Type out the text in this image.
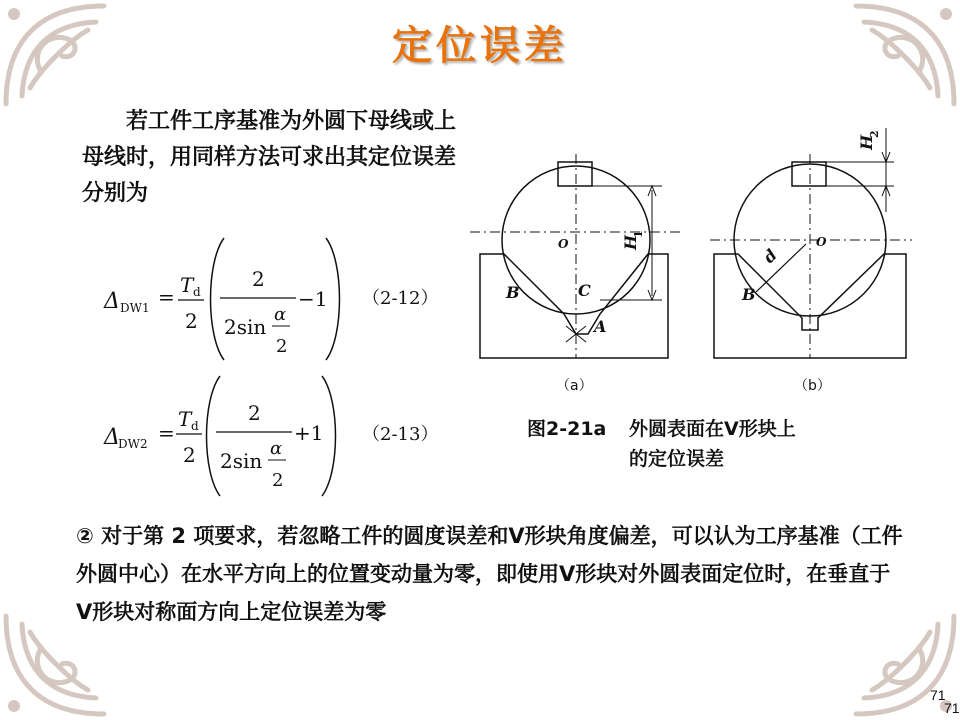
定位误差

若工件工序基准为外圆下母线或上母线时，用同样方法可求出其定位误差分别为

Δ DW1 = T d
2
2
2sin
α
2
−1 （2-12）
Δ
DW2 =
T d
2
2
2sin
α
2
+1 （2-13）
O
B	C
A
H
1
（a）
O
B
d
H
2
（b）
图2-21a 外圆表面在V形块上
的定位误差

② 对于第 2 项要求，若忽略工件的圆度误差和V形块角度偏差，可以认为工序基准（工件外圆中心）在水平方向上的位置变动量为零，即使用V形块对外圆表面定位时，在垂直于V形块对称面方向上定位误差为零

71
71
